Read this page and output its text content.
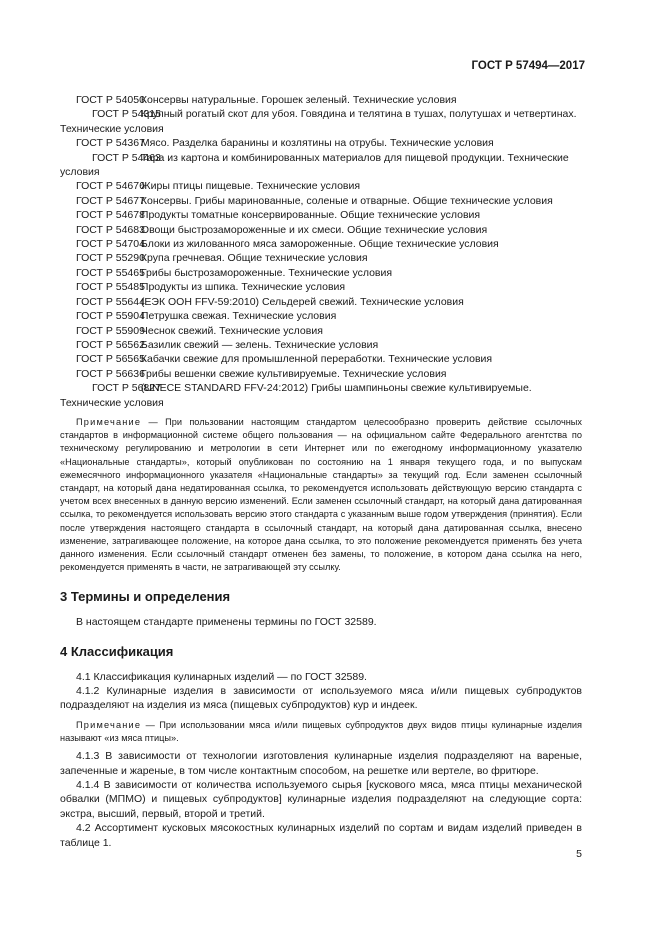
ГОСТ Р 57494—2017

ГОСТ Р 54050 Консервы натуральные. Горошек зеленый. Технические условия

ГОСТ Р 54315 Крупный рогатый скот для убоя. Говядина и телятина в тушах, полутушах и четвертинах. Технические условия

ГОСТ Р 54367 Мясо. Разделка баранины и козлятины на отрубы. Технические условия

ГОСТ Р 54463 Тара из картона и комбинированных материалов для пищевой продукции. Технические условия

ГОСТ Р 54676 Жиры птицы пищевые. Технические условия

ГОСТ Р 54677 Консервы. Грибы маринованные, соленые и отварные. Общие технические условия

ГОСТ Р 54678 Продукты томатные консервированные. Общие технические условия

ГОСТ Р 54683 Овощи быстрозамороженные и их смеси. Общие технические условия

ГОСТ Р 54704 Блоки из жилованного мяса замороженные. Общие технические условия

ГОСТ Р 55290 Крупа гречневая. Общие технические условия

ГОСТ Р 55465 Грибы быстрозамороженные. Технические условия

ГОСТ Р 55485 Продукты из шпика. Технические условия

ГОСТ Р 55644 (ЕЭК ООН FFV-59:2010) Сельдерей свежий. Технические условия

ГОСТ Р 55904 Петрушка свежая. Технические условия

ГОСТ Р 55909 Чеснок свежий. Технические условия

ГОСТ Р 56562 Базилик свежий — зелень. Технические условия

ГОСТ Р 56565 Кабачки свежие для промышленной переработки. Технические условия

ГОСТ Р 56636 Грибы вешенки свежие культивируемые. Технические условия

ГОСТ Р 56827 (UNECE STANDARD FFV-24:2012) Грибы шампиньоны свежие культивируемые. Технические условия

Примечание — При пользовании настоящим стандартом целесообразно проверить действие ссылочных стандартов в информационной системе общего пользования — на официальном сайте Федерального агентства по техническому регулированию и метрологии в сети Интернет или по ежегодному информационному указателю «Национальные стандарты», который опубликован по состоянию на 1 января текущего года, и по выпускам ежемесячного информационного указателя «Национальные стандарты» за текущий год. Если заменен ссылочный стандарт, на который дана недатированная ссылка, то рекомендуется использовать действующую версию стандарта с учетом всех внесенных в данную версию изменений. Если заменен ссылочный стандарт, на который дана датированная ссылка, то рекомендуется использовать версию этого стандарта с указанным выше годом утверждения (принятия). Если после утверждения настоящего стандарта в ссылочный стандарт, на который дана датированная ссылка, внесено изменение, затрагивающее положение, на которое дана ссылка, то это положение рекомендуется применять без учета данного изменения. Если ссылочный стандарт отменен без замены, то положение, в котором дана ссылка на него, рекомендуется применять в части, не затрагивающей эту ссылку.

3 Термины и определения

В настоящем стандарте применены термины по ГОСТ 32589.

4 Классификация

4.1 Классификация кулинарных изделий — по ГОСТ 32589.

4.1.2 Кулинарные изделия в зависимости от используемого мяса и/или пищевых субпродуктов подразделяют на изделия из мяса (пищевых субпродуктов) кур и индеек.

Примечание — При использовании мяса и/или пищевых субпродуктов двух видов птицы кулинарные изделия называют «из мяса птицы».

4.1.3 В зависимости от технологии изготовления кулинарные изделия подразделяют на вареные, запеченные и жареные, в том числе контактным способом, на решетке или вертеле, во фритюре.

4.1.4 В зависимости от количества используемого сырья [кускового мяса, мяса птицы механической обвалки (МПМО) и пищевых субпродуктов] кулинарные изделия подразделяют на следующие сорта: экстра, высший, первый, второй и третий.

4.2 Ассортимент кусковых мясокостных кулинарных изделий по сортам и видам изделий приведен в таблице 1.

5
